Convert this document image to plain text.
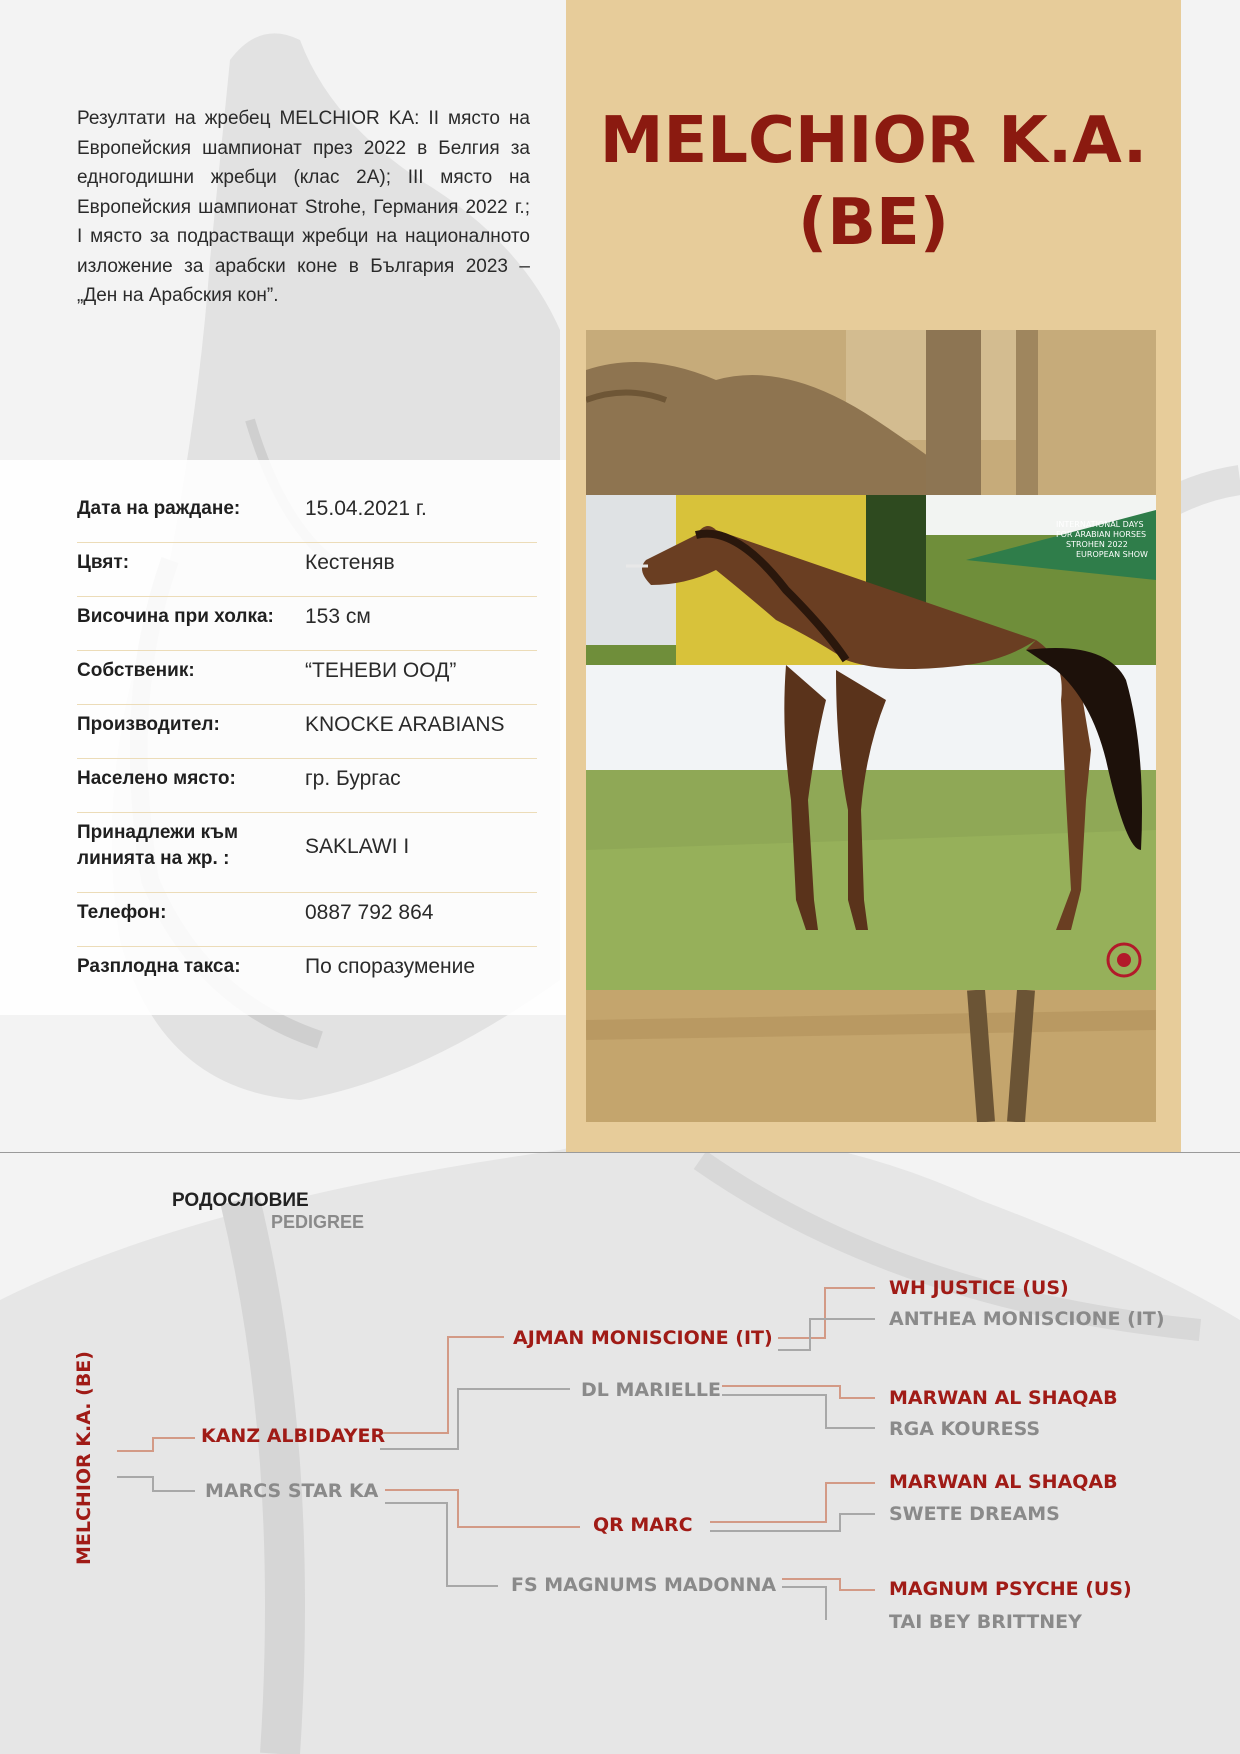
Резултати на жребец MELCHIOR KA: II място на Европейския шампионат през 2022 в Белгия за едногодишни жребци (клас 2A); III място на Европейския шампионат Strohe, Германия 2022 г.; I място за подрастващи жребци на националното изложение за арабски коне в България 2023 – „Ден на Арабския кон”.
MELCHIOR K.A.
(BE)
Дата на раждане:	15.04.2021 г.
Цвят:	Кестеняв
Височина при холка:	153 см
Собственик:	“ТЕНЕВИ ООД”
Производител:	KNOCKE ARABIANS
Населено място:	гр. Бургас
Принадлежи към
линията на жр. :
SAKLAWI I
Телефон:	0887 792 864
Разплодна такса:	По споразумение
INTERNATIONAL DAYS
FOR ARABIAN HORSES
STROHEN 2022
EUROPEAN SHOW
РОДОСЛОВИЕ
PEDIGREE
MELCHIOR K.A. (BE)	KANZ ALBIDAYER
MARCS STAR KA
AJMAN MONISCIONE (IT)
DL MARIELLE
QR MARC
FS MAGNUMS MADONNA
WH JUSTICE (US)
ANTHEA MONISCIONE (IT)
MARWAN AL SHAQAB
RGA KOURESS
MARWAN AL SHAQAB
SWETE DREAMS
MAGNUM PSYCHE (US)
TAI BEY BRITTNEY
